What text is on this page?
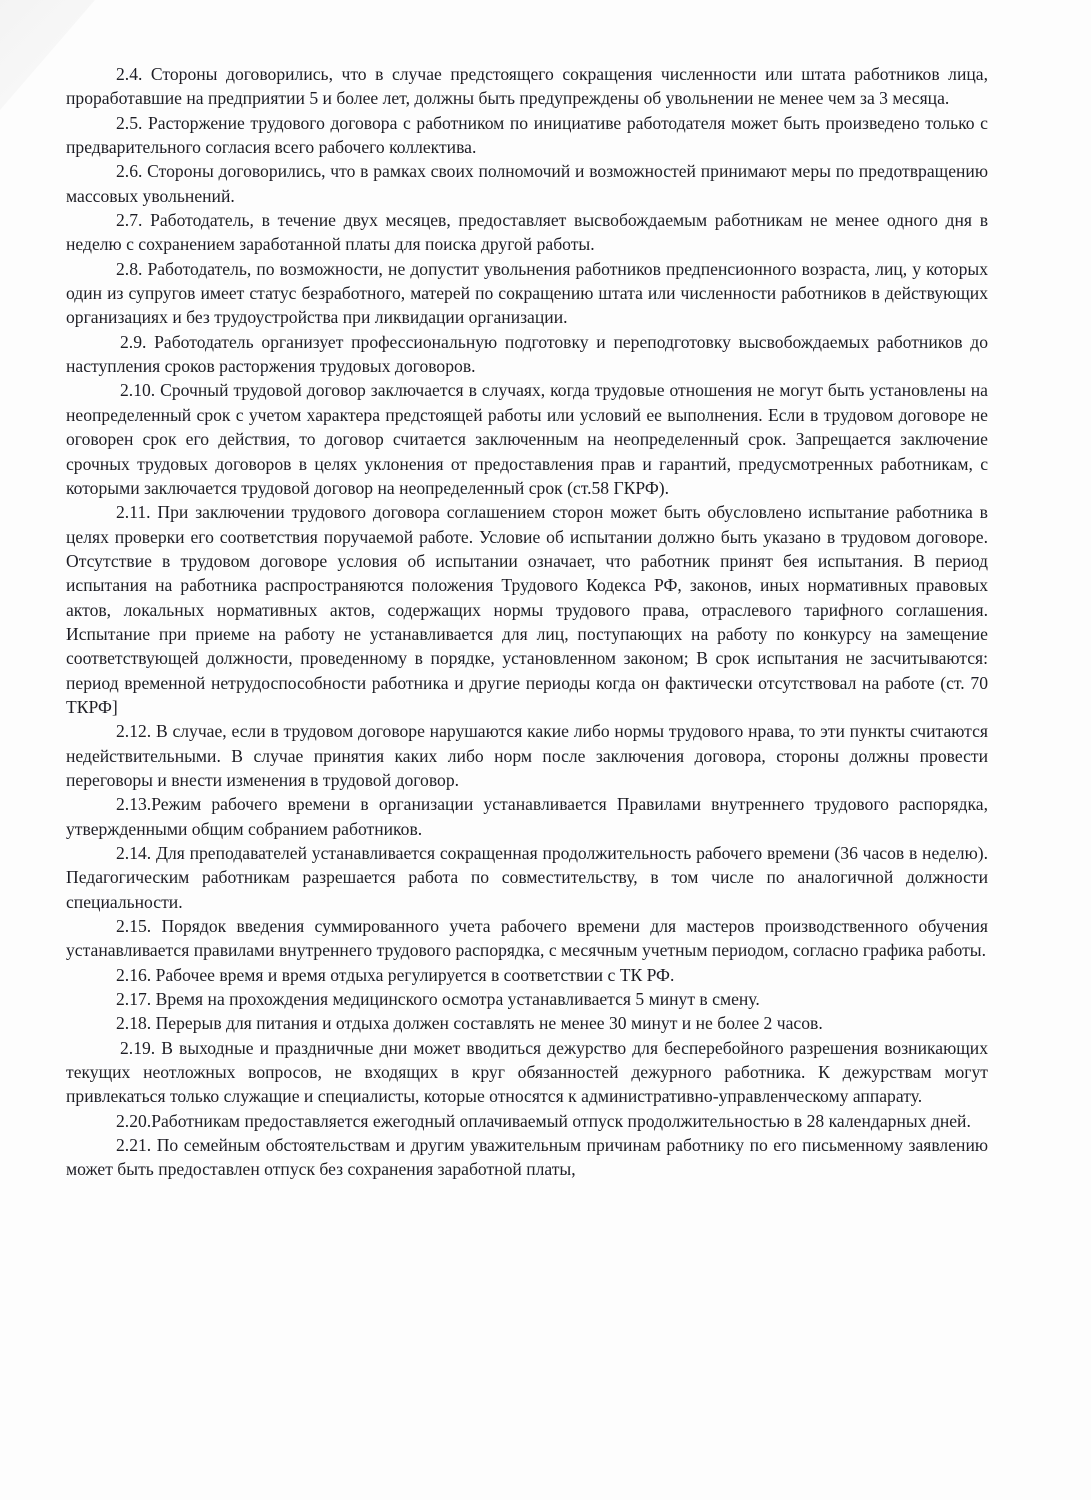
2.4. Стороны договорились, что в случае предстоящего сокращения численности или штата работников лица, проработавшие на предприятии 5 и более лет, должны быть предупреждены об увольнении не менее чем за 3 месяца.

2.5. Расторжение трудового договора с работником по инициативе работодателя может быть произведено только с предварительного согласия всего рабочего коллектива.

2.6. Стороны договорились, что в рамках своих полномочий и возможностей принимают меры по предотвращению массовых увольнений.

2.7. Работодатель, в течение двух месяцев, предоставляет высвобождаемым работникам не менее одного дня в неделю с сохранением заработанной платы для поиска другой работы.

2.8. Работодатель, по возможности, не допустит увольнения работников предпенсионного возраста, лиц, у которых один из супругов имеет статус безработного, матерей по сокращению штата или численности работников в действующих организациях и без трудоустройства при ликвидации организации.

2.9. Работодатель организует профессиональную подготовку и переподготовку высвобождаемых работников до наступления сроков расторжения трудовых договоров.

2.10. Срочный трудовой договор заключается в случаях, когда трудовые отношения не могут быть установлены на неопределенный срок с учетом характера предстоящей работы или условий ее выполнения. Если в трудовом договоре не оговорен срок его действия, то договор считается заключенным на неопределенный срок. Запрещается заключение срочных трудовых договоров в целях уклонения от предоставления прав и гарантий, предусмотренных работникам, с которыми заключается трудовой договор на неопределенный срок (ст.58 ГКРФ).

2.11. При заключении трудового договора соглашением сторон может быть обусловлено испытание работника в целях проверки его соответствия поручаемой работе. Условие об испытании должно быть указано в трудовом договоре. Отсутствие в трудовом договоре условия об испытании означает, что работник принят бея испытания. В период испытания на работника распространяются положения Трудового Кодекса РФ, законов, иных нормативных правовых актов, локальных нормативных актов, содержащих нормы трудового права, отраслевого тарифного соглашения. Испытание при приеме на работу не устанавливается для лиц, поступающих на работу по конкурсу на замещение соответствующей должности, проведенному в порядке, установленном законом; В срок испытания не засчитываются: период временной нетрудоспособности работника и другие периоды когда он фактически отсутствовал на работе (ст. 70 ТКРФ]

2.12. В случае, если в трудовом договоре нарушаются какие либо нормы трудового нрава, то эти пункты считаются недействительными. В случае принятия каких либо норм после заключения договора, стороны должны провести переговоры и внести изменения в трудовой договор.

2.13.Режим рабочего времени в организации устанавливается Правилами внутреннего трудового распорядка, утвержденными общим собранием работников.

2.14. Для преподавателей устанавливается сокращенная продолжительность рабочего времени (36 часов в неделю). Педагогическим работникам разрешается работа по совместительству, в том числе по аналогичной должности специальности.

2.15. Порядок введения суммированного учета рабочего времени для мастеров производственного обучения устанавливается правилами внутреннего трудового распорядка, с месячным учетным периодом, согласно графика работы.

2.16. Рабочее время и время отдыха регулируется в соответствии с ТК РФ.

2.17. Время на прохождения медицинского осмотра устанавливается 5 минут в смену.

2.18. Перерыв для питания и отдыха должен составлять не менее 30 минут и не более 2 часов.

2.19. В выходные и праздничные дни может вводиться дежурство для бесперебойного разрешения возникающих текущих неотложных вопросов, не входящих в круг обязанностей дежурного работника. К дежурствам могут привлекаться только служащие и специалисты, которые относятся к административно-управленческому аппарату.

2.20.Работникам предоставляется ежегодный оплачиваемый отпуск продолжительностью в 28 календарных дней.

2.21. По семейным обстоятельствам и другим уважительным причинам работнику по его письменному заявлению может быть предоставлен отпуск без сохранения заработной платы,
